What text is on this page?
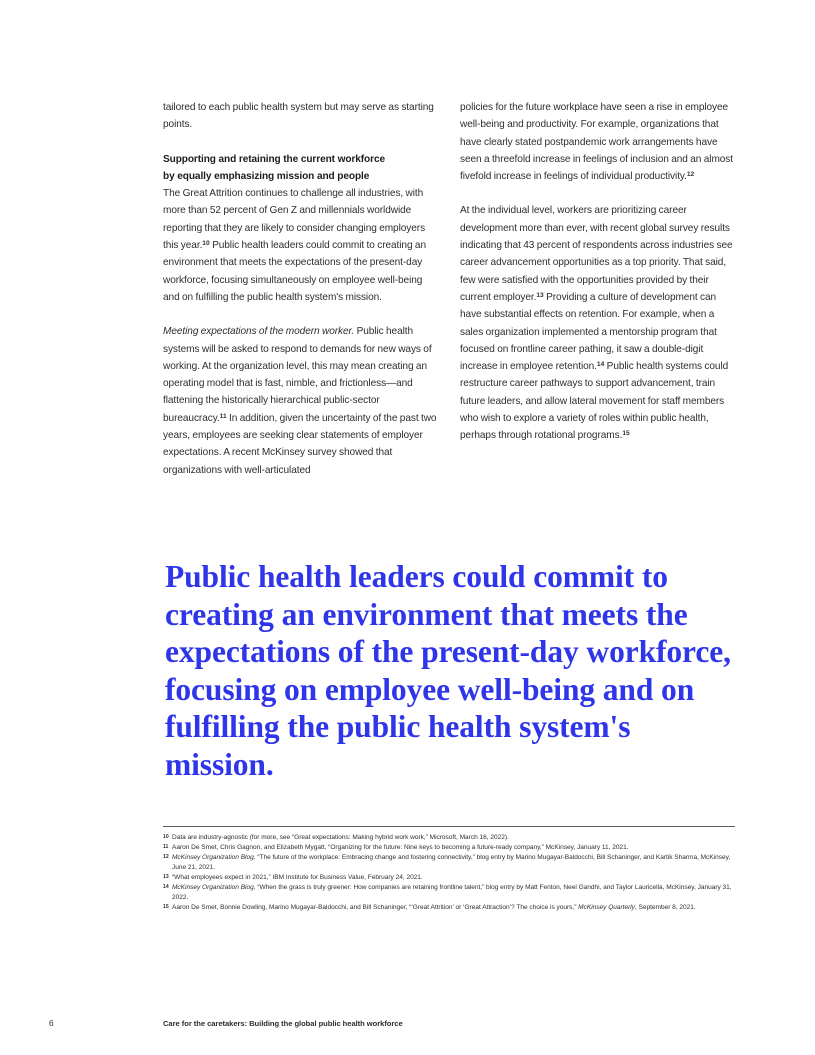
tailored to each public health system but may serve as starting points.

Supporting and retaining the current workforce

by equally emphasizing mission and people

The Great Attrition continues to challenge all industries, with more than 52 percent of Gen Z and millennials worldwide reporting that they are likely to consider changing employers this year.$^{10}$ Public health leaders could commit to creating an environment that meets the expectations of the present-day workforce, focusing simultaneously on employee well-being and on fulfilling the public health system's mission.

Meeting expectations of the modern worker. Public health systems will be asked to respond to demands for new ways of working. At the organization level, this may mean creating an operating model that is fast, nimble, and frictionless—and flattening the historically hierarchical public-sector bureaucracy.$^{11}$ In addition, given the uncertainty of the past two years, employees are seeking clear statements of employer expectations. A recent McKinsey survey showed that organizations with well-articulated

policies for the future workplace have seen a rise in employee well-being and productivity. For example, organizations that have clearly stated postpandemic work arrangements have seen a threefold increase in feelings of inclusion and an almost fivefold increase in feelings of individual productivity.$^{12}$

At the individual level, workers are prioritizing career development more than ever, with recent global survey results indicating that 43 percent of respondents across industries see career advancement opportunities as a top priority. That said, few were satisfied with the opportunities provided by their current employer.$^{13}$ Providing a culture of development can have substantial effects on retention. For example, when a sales organization implemented a mentorship program that focused on frontline career pathing, it saw a double-digit increase in employee retention.$^{14}$ Public health systems could restructure career pathways to support advancement, train future leaders, and allow lateral movement for staff members who wish to explore a variety of roles within public health, perhaps through rotational programs.$^{15}$

Public health leaders could commit to creating an environment that meets the expectations of the present-day workforce, focusing on employee well-being and on fulfilling the public health system's mission.

10 Data are industry-agnostic (for more, see “Great expectations: Making hybrid work work,” Microsoft, March 16, 2022).
11 Aaron De Smet, Chris Gagnon, and Elizabeth Mygatt, “Organizing for the future: Nine keys to becoming a future-ready company,” McKinsey, January 11, 2021.
12 McKinsey Organization Blog, “The future of the workplace: Embracing change and fostering connectivity,” blog entry by Marino Mugayar-Baldocchi, Bill Schaninger, and Kartik Sharma, McKinsey, June 21, 2021.
13 “What employees expect in 2021,” IBM Institute for Business Value, February 24, 2021.
14 McKinsey Organization Blog, “When the grass is truly greener: How companies are retaining frontline talent,” blog entry by Matt Fenton, Neel Gandhi, and Taylor Lauricella, McKinsey, January 31, 2022.
15 Aaron De Smet, Bonnie Dowling, Marino Mugayar-Baldocchi, and Bill Schaninger, “‘Great Attrition’ or ‘Great Attraction’? The choice is yours,” McKinsey Quarterly, September 8, 2021.
6	Care for the caretakers: Building the global public health workforce
